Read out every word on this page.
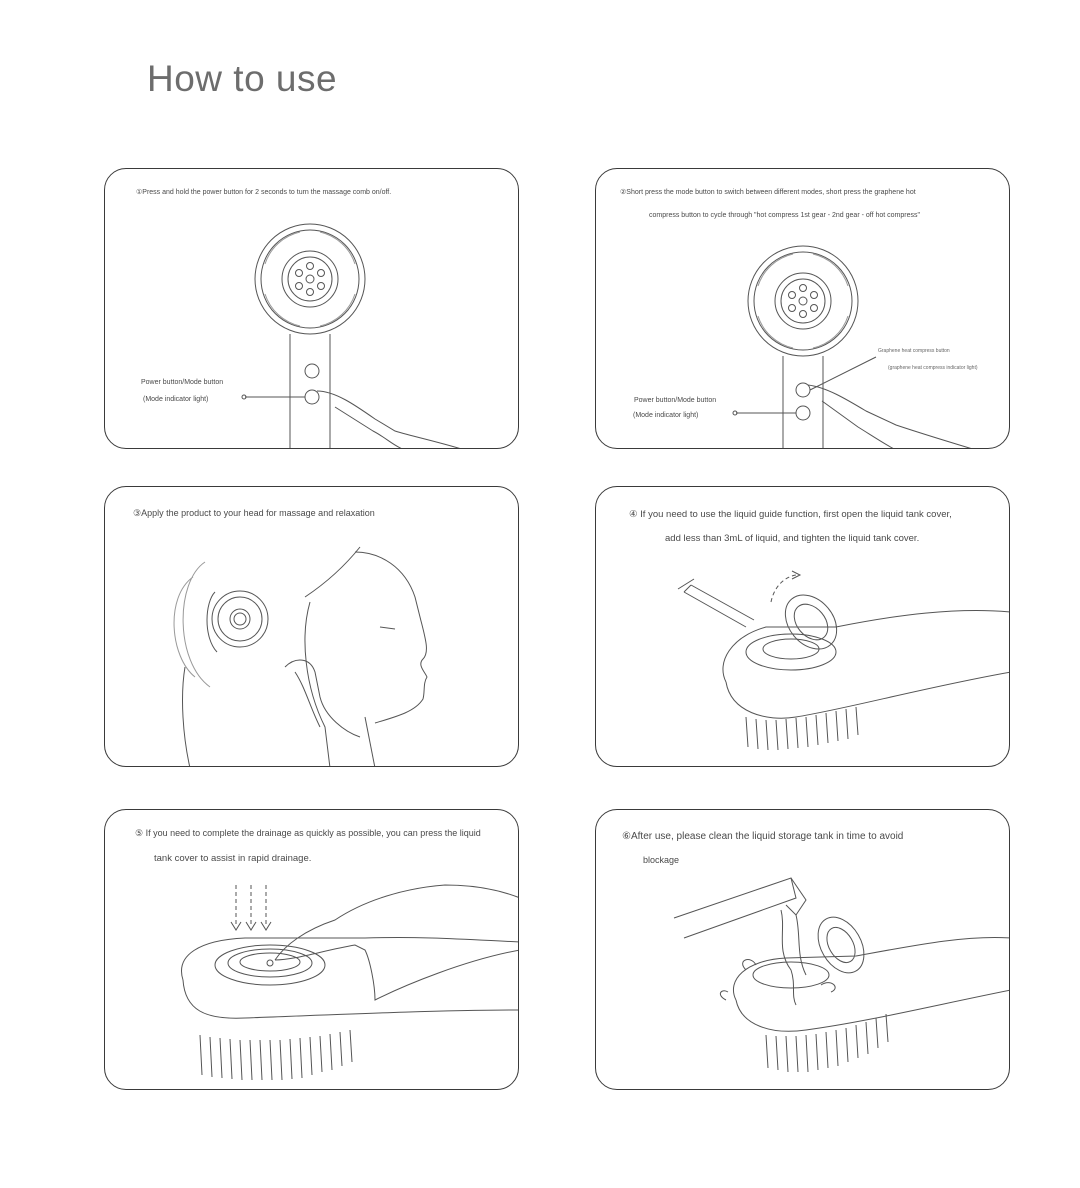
How to use
①Press and hold the power button for 2 seconds to turn the massage comb on/off.
Power button/Mode button
(Mode indicator light)
②Short press the mode button to switch between different modes, short press the graphene hot
compress button to cycle through "hot compress 1st gear - 2nd gear - off hot compress"
Graphene heat compress button
(graphene heat compress indicator light)
Power button/Mode button
(Mode indicator light)
③Apply the product to your head for massage and relaxation	④ If you need to use the liquid guide function, first open the liquid tank cover,
add less than 3mL of liquid, and tighten the liquid tank cover.
⑤ If you need to complete the drainage as quickly as possible, you can press the liquid
tank cover to assist in rapid drainage.
⑥After use, please clean the liquid storage tank in time to avoid
blockage
